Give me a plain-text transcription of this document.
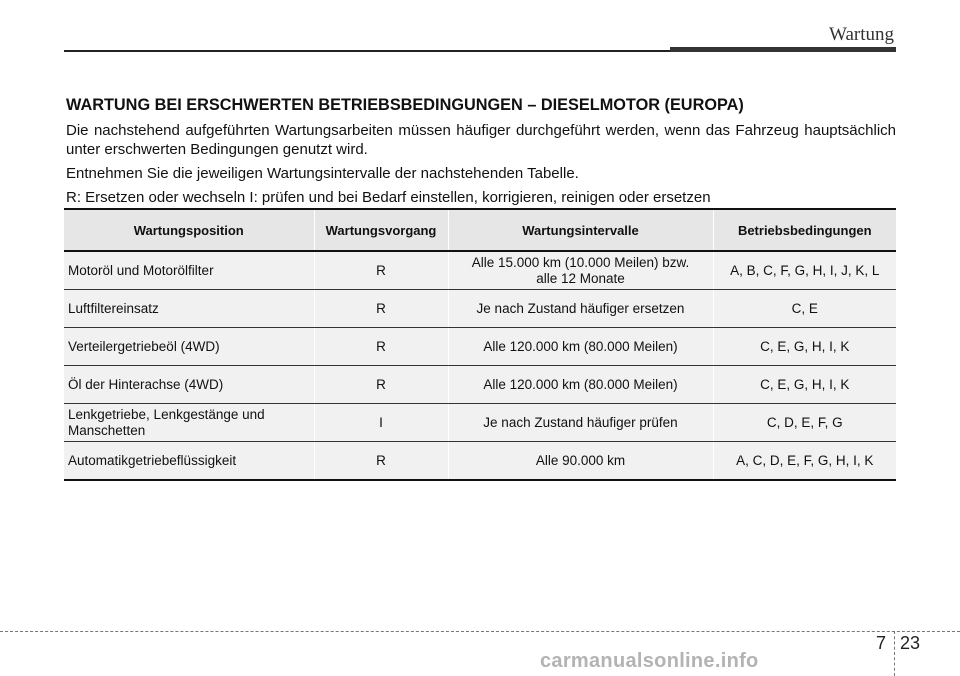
Wartung
WARTUNG BEI ERSCHWERTEN BETRIEBSBEDINGUNGEN – DIESELMOTOR (EUROPA)

Die nachstehend aufgeführten Wartungsarbeiten müssen häufiger durchgeführt werden, wenn das Fahrzeug hauptsächlich unter erschwerten Bedingungen genutzt wird.

Entnehmen Sie die jeweiligen Wartungsintervalle der nachstehenden Tabelle.

R: Ersetzen oder wechseln I: prüfen und bei Bedarf einstellen, korrigieren, reinigen oder ersetzen

Wartungsposition	Wartungsvorgang	Wartungsintervalle	Betriebsbedingungen
Motoröl und Motorölfilter	R	Alle 15.000 km (10.000 Meilen) bzw. alle 12 Monate	A, B, C, F, G, H, I, J, K, L
Luftfiltereinsatz	R	Je nach Zustand häufiger ersetzen	C, E
Verteilergetriebeöl (4WD)	R	Alle 120.000 km (80.000 Meilen)	C, E, G, H, I, K
Öl der Hinterachse (4WD)	R	Alle 120.000 km (80.000 Meilen)	C, E, G, H, I, K
Lenkgetriebe, Lenkgestänge und Manschetten	I	Je nach Zustand häufiger prüfen	C, D, E, F, G
Automatikgetriebeflüssigkeit	R	Alle 90.000 km	A, C, D, E, F, G, H, I, K
7 23
carmanualsonline.info
